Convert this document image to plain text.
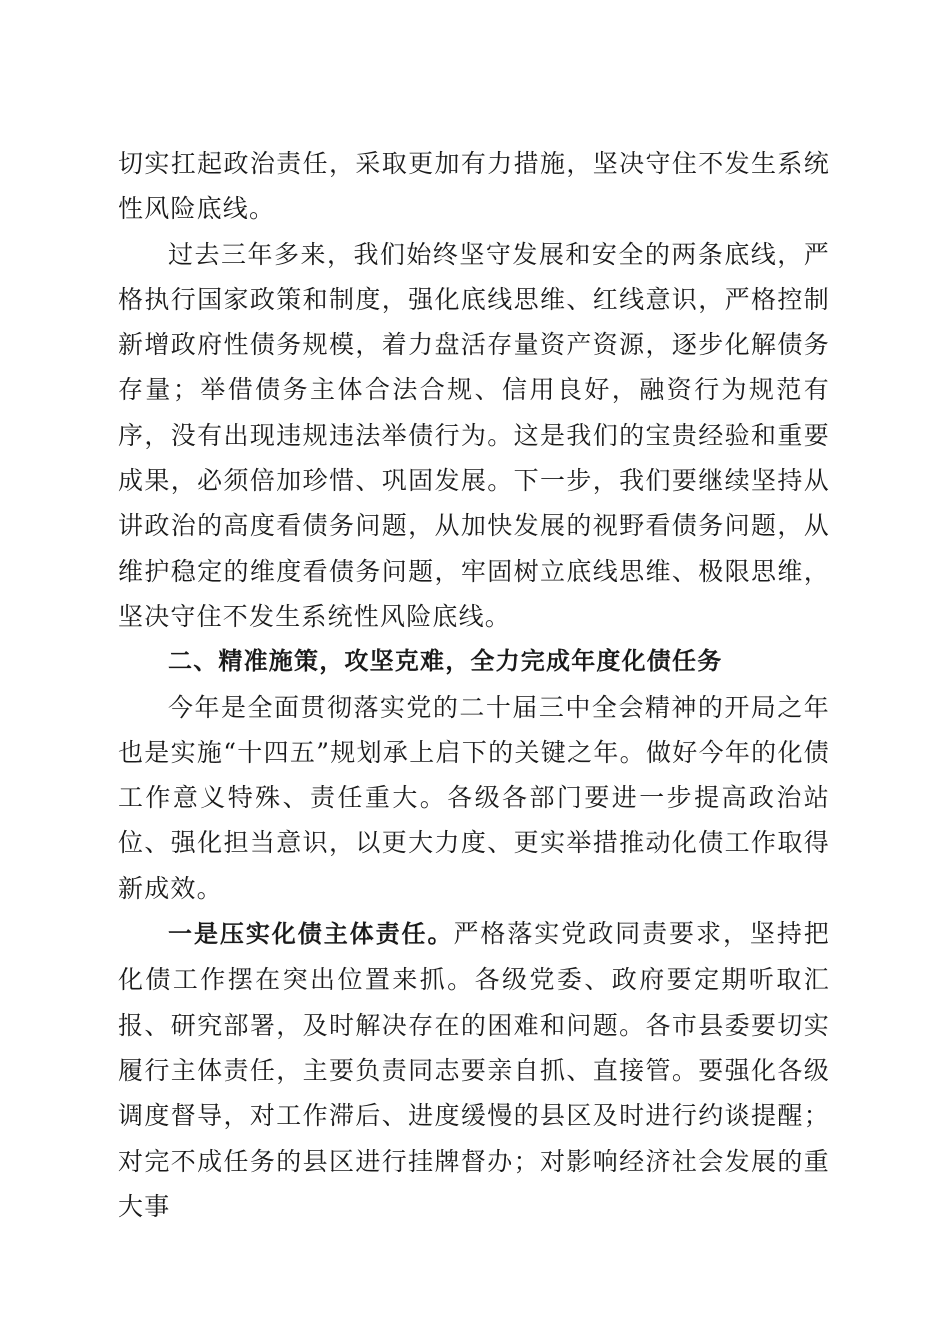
切实扛起政治责任，采取更加有力措施，坚决守住不发生系统性风险底线。

过去三年多来，我们始终坚守发展和安全的两条底线，严格执行国家政策和制度，强化底线思维、红线意识，严格控制新增政府性债务规模，着力盘活存量资产资源，逐步化解债务存量；举借债务主体合法合规、信用良好，融资行为规范有序，没有出现违规违法举债行为。这是我们的宝贵经验和重要成果，必须倍加珍惜、巩固发展。下一步，我们要继续坚持从讲政治的高度看债务问题，从加快发展的视野看债务问题，从维护稳定的维度看债务问题，牢固树立底线思维、极限思维，坚决守住不发生系统性风险底线。

二、精准施策，攻坚克难，全力完成年度化债任务

今年是全面贯彻落实党的二十届三中全会精神的开局之年也是实施“十四五”规划承上启下的关键之年。做好今年的化债工作意义特殊、责任重大。各级各部门要进一步提高政治站位、强化担当意识，以更大力度、更实举措推动化债工作取得新成效。

一是压实化债主体责任。严格落实党政同责要求，坚持把化债工作摆在突出位置来抓。各级党委、政府要定期听取汇报、研究部署，及时解决存在的困难和问题。各市县委要切实履行主体责任，主要负责同志要亲自抓、直接管。要强化各级调度督导，对工作滞后、进度缓慢的县区及时进行约谈提醒；对完不成任务的县区进行挂牌督办；对影响经济社会发展的重大事
